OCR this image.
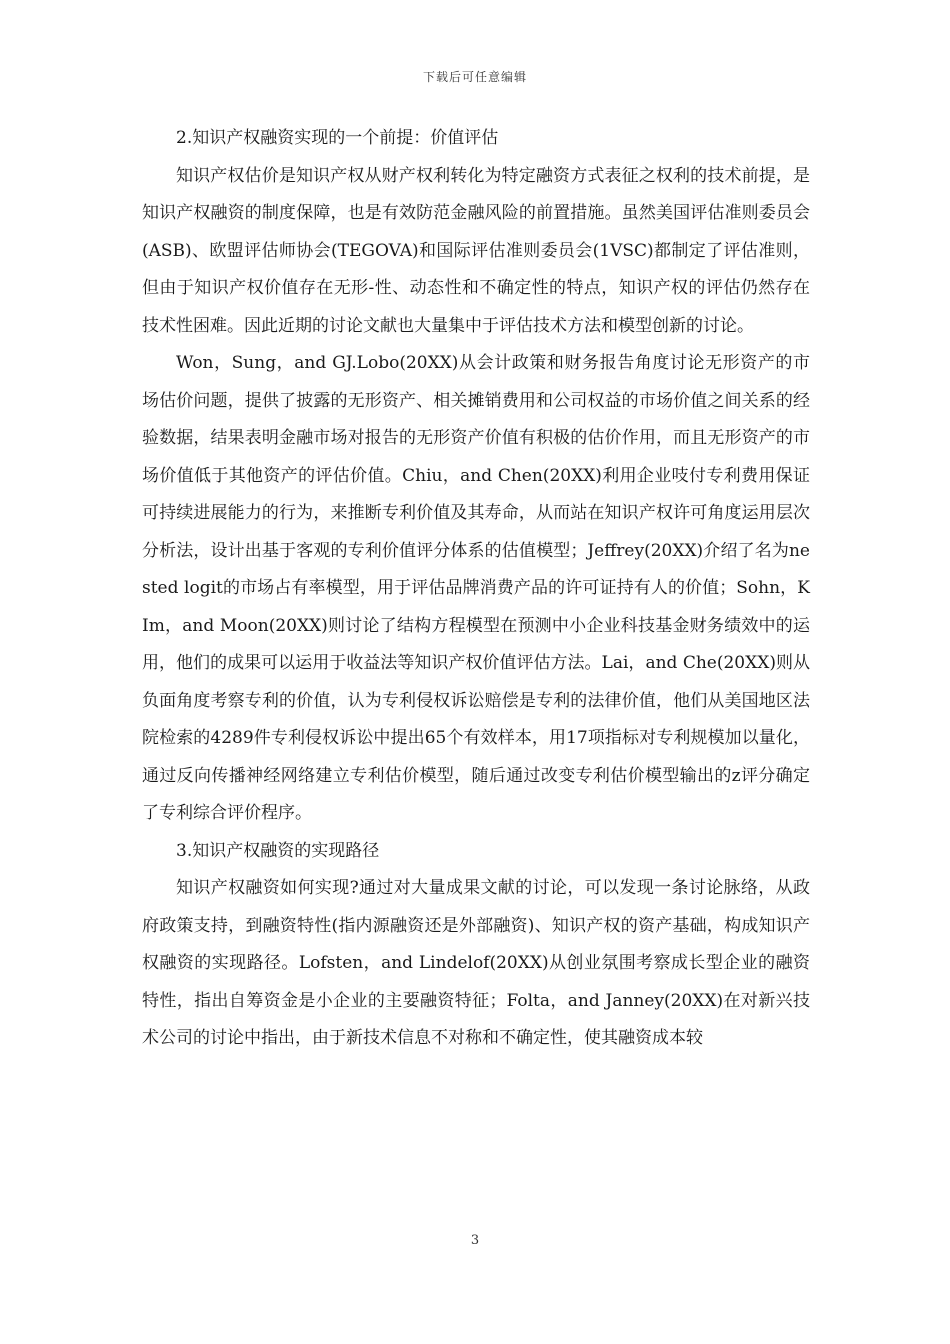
下载后可任意编辑

2.知识产权融资实现的一个前提：价值评估

知识产权估价是知识产权从财产权利转化为特定融资方式表征之权利的技术前提，是知识产权融资的制度保障，也是有效防范金融风险的前置措施。虽然美国评估准则委员会(ASB)、欧盟评估师协会(TEGOVA)和国际评估准则委员会(1VSC)都制定了评估准则，但由于知识产权价值存在无形-性、动态性和不确定性的特点，知识产权的评估仍然存在技术性困难。因此近期的讨论文献也大量集中于评估技术方法和模型创新的讨论。

Won，Sung，and GJ.Lobo(20XX)从会计政策和财务报告角度讨论无形资产的市场估价问题，提供了披露的无形资产、相关摊销费用和公司权益的市场价值之间关系的经验数据，结果表明金融市场对报告的无形资产价值有积极的估价作用，而且无形资产的市场价值低于其他资产的评估价值。Chiu，and Chen(20XX)利用企业吱付专利费用保证可持续进展能力的行为，来推断专利价值及其寿命，从而站在知识产权许可角度运用层次分析法，设计出基于客观的专利价值评分体系的估值模型；Jeffrey(20XX)介绍了名为nested logit的市场占有率模型，用于评估品牌消费产品的许可证持有人的价值；Sohn，KIm，and Moon(20XX)则讨论了结构方程模型在预测中小企业科技基金财务绩效中的运用，他们的成果可以运用于收益法等知识产权价值评估方法。Lai，and Che(20XX)则从负面角度考察专利的价值，认为专利侵权诉讼赔偿是专利的法律价值，他们从美国地区法院检索的4289件专利侵权诉讼中提出65个有效样本，用17项指标对专利规模加以量化，通过反向传播神经网络建立专利估价模型，随后通过改变专利估价模型输出的z评分确定了专利综合评价程序。

3.知识产权融资的实现路径

知识产权融资如何实现?通过对大量成果文献的讨论，可以发现一条讨论脉络，从政府政策支持，到融资特性(指内源融资还是外部融资)、知识产权的资产基础，构成知识产权融资的实现路径。Lofsten，and Lindelof(20XX)从创业氛围考察成长型企业的融资特性，指出自筹资金是小企业的主要融资特征；Folta，and Janney(20XX)在对新兴技术公司的讨论中指出，由于新技术信息不对称和不确定性，使其融资成本较

3
